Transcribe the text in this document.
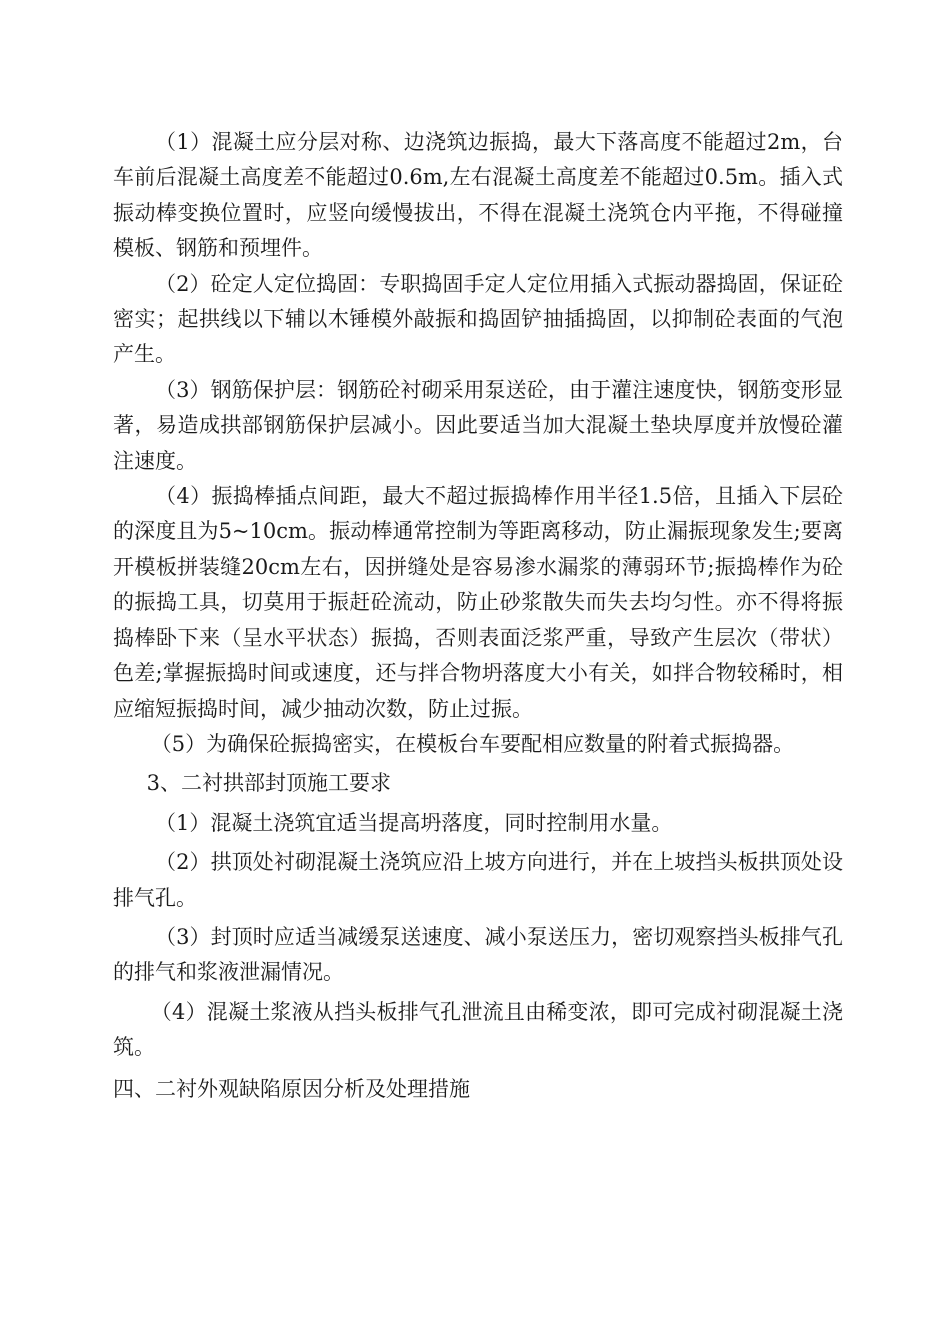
（1）混凝土应分层对称、边浇筑边振捣，最大下落高度不能超过2m，台车前后混凝土高度差不能超过0.6m,左右混凝土高度差不能超过0.5m。插入式振动棒变换位置时，应竖向缓慢拔出，不得在混凝土浇筑仓内平拖，不得碰撞模板、钢筋和预埋件。

（2）砼定人定位捣固：专职捣固手定人定位用插入式振动器捣固，保证砼密实；起拱线以下辅以木锤模外敲振和捣固铲抽插捣固，以抑制砼表面的气泡产生。

（3）钢筋保护层：钢筋砼衬砌采用泵送砼，由于灌注速度快，钢筋变形显著，易造成拱部钢筋保护层减小。因此要适当加大混凝土垫块厚度并放慢砼灌注速度。

（4）振捣棒插点间距，最大不超过振捣棒作用半径1.5倍，且插入下层砼的深度且为5~10cm。振动棒通常控制为等距离移动，防止漏振现象发生;要离开模板拼装缝20cm左右，因拼缝处是容易渗水漏浆的薄弱环节;振捣棒作为砼的振捣工具，切莫用于振赶砼流动，防止砂浆散失而失去均匀性。亦不得将振捣棒卧下来（呈水平状态）振捣，否则表面泛浆严重，导致产生层次（带状）色差;掌握振捣时间或速度，还与拌合物坍落度大小有关，如拌合物较稀时，相应缩短振捣时间，减少抽动次数，防止过振。

（5）为确保砼振捣密实，在模板台车要配相应数量的附着式振捣器。

3、二衬拱部封顶施工要求

（1）混凝土浇筑宜适当提高坍落度，同时控制用水量。

（2）拱顶处衬砌混凝土浇筑应沿上坡方向进行，并在上坡挡头板拱顶处设排气孔。

（3）封顶时应适当减缓泵送速度、减小泵送压力，密切观察挡头板排气孔的排气和浆液泄漏情况。

（4）混凝土浆液从挡头板排气孔泄流且由稀变浓，即可完成衬砌混凝土浇筑。

四、二衬外观缺陷原因分析及处理措施
